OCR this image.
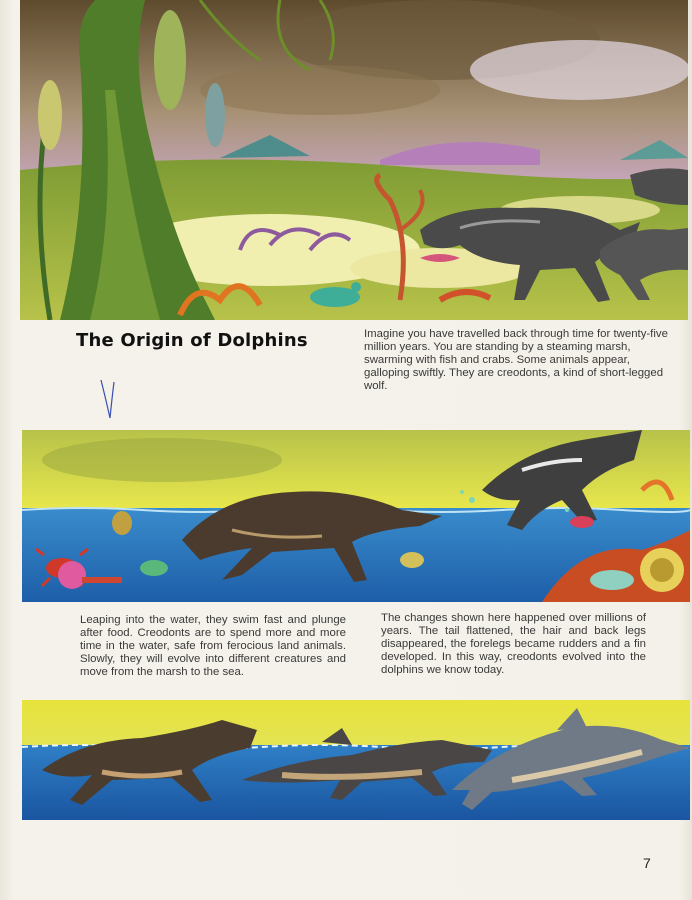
The Origin of Dolphins	Imagine you have travelled back through time for twenty-five million years. You are standing by a steaming marsh, swarming with fish and crabs. Some animals appear, galloping swiftly. They are creodonts, a kind of short-legged wolf.

Leaping into the water, they swim fast and plunge after food. Creodonts are to spend more and more time in the water, safe from ferocious land animals. Slowly, they will evolve into different creatures and move from the marsh to the sea.

The changes shown here happened over millions of years. The tail flattened, the hair and back legs disappeared, the forelegs became rudders and a fin developed. In this way, creodonts evolved into the dolphins we know today.

7
